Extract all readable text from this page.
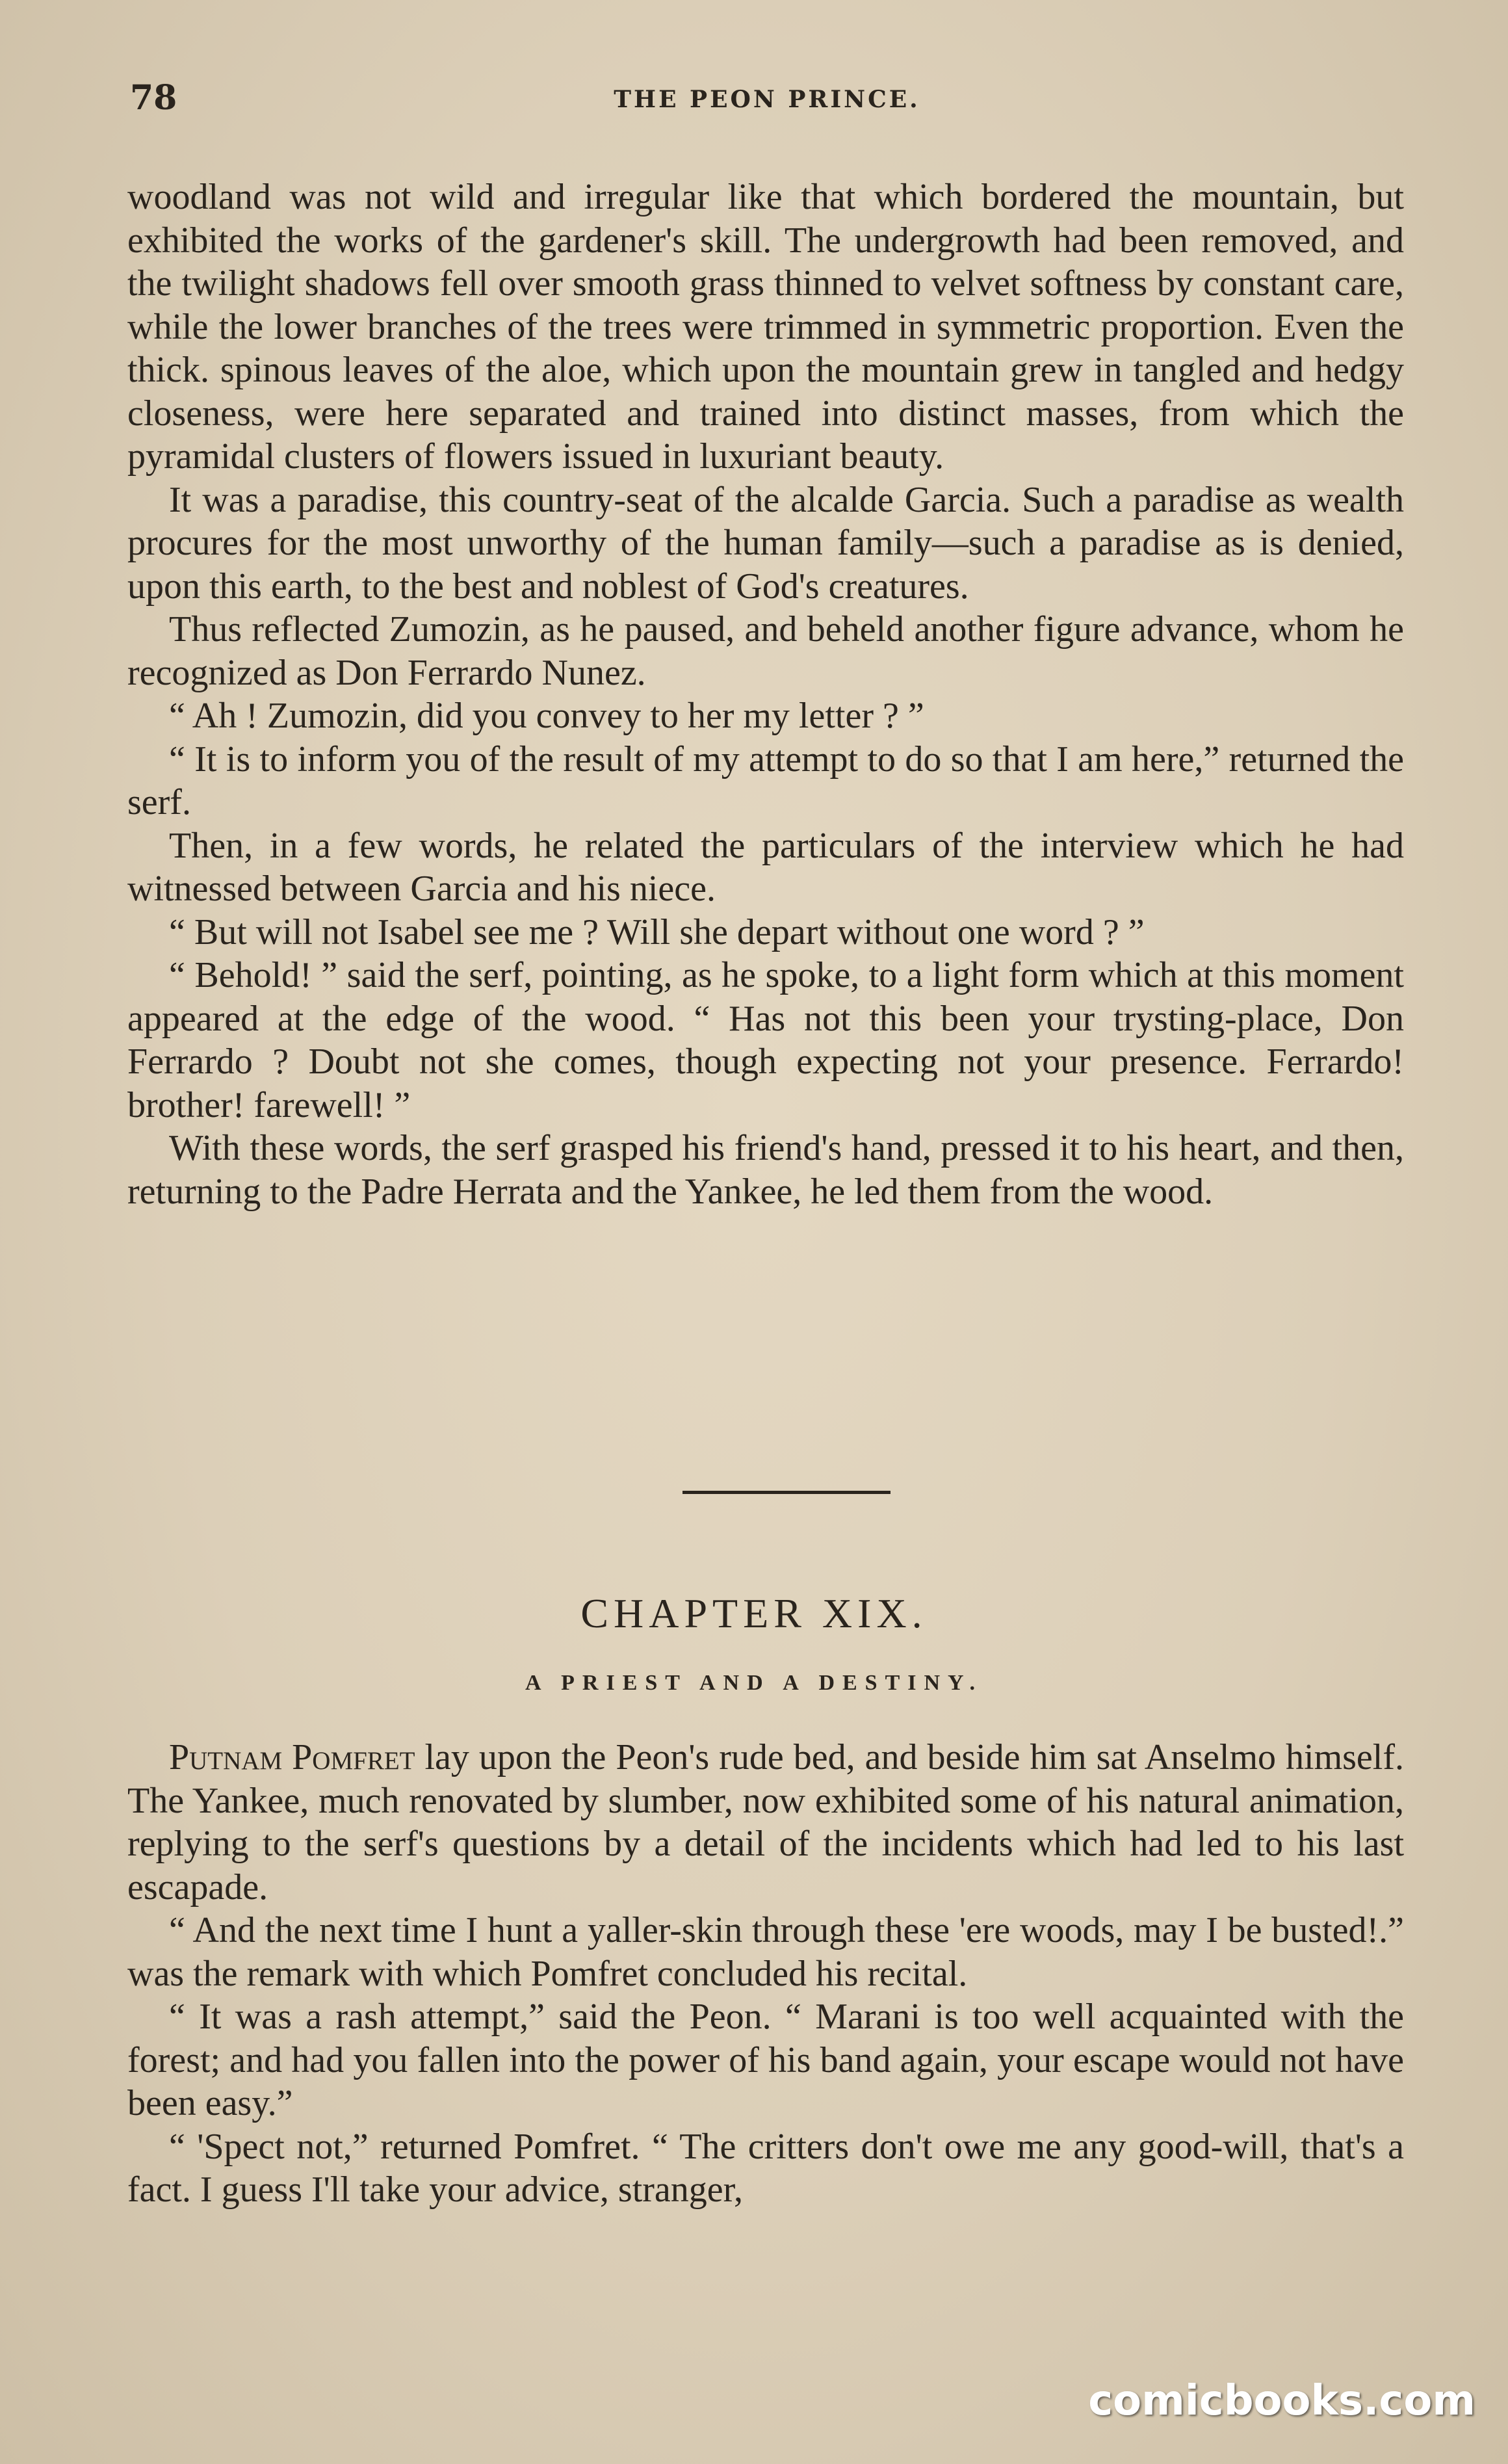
78	THE PEON PRINCE.

woodland was not wild and irregular like that which bordered the mountain, but exhibited the works of the gardener's skill. The undergrowth had been removed, and the twilight shadows fell over smooth grass thinned to velvet softness by constant care, while the lower branches of the trees were trimmed in symmetric proportion. Even the thick. spinous leaves of the aloe, which upon the mountain grew in tangled and hedgy closeness, were here separated and trained into distinct masses, from which the pyramidal clusters of flowers issued in luxuriant beauty.

It was a paradise, this country-seat of the alcalde Garcia. Such a paradise as wealth procures for the most unworthy of the human family—such a paradise as is denied, upon this earth, to the best and noblest of God's creatures.

Thus reflected Zumozin, as he paused, and beheld another figure advance, whom he recognized as Don Ferrardo Nunez.

“ Ah ! Zumozin, did you convey to her my letter ? ”

“ It is to inform you of the result of my attempt to do so that I am here,” returned the serf.

Then, in a few words, he related the particulars of the interview which he had witnessed between Garcia and his niece.

“ But will not Isabel see me ? Will she depart without one word ? ”

“ Behold! ” said the serf, pointing, as he spoke, to a light form which at this moment appeared at the edge of the wood. “ Has not this been your trysting-place, Don Ferrardo ? Doubt not she comes, though expecting not your presence. Ferrardo! brother! farewell! ”

With these words, the serf grasped his friend's hand, pressed it to his heart, and then, returning to the Padre Herrata and the Yankee, he led them from the wood.

CHAPTER XIX.
A PRIEST AND A DESTINY.

Putnam Pomfret lay upon the Peon's rude bed, and beside him sat Anselmo himself. The Yankee, much renovated by slumber, now exhibited some of his natural animation, replying to the serf's questions by a detail of the incidents which had led to his last escapade.

“ And the next time I hunt a yaller-skin through these 'ere woods, may I be busted!.” was the remark with which Pomfret concluded his recital.

“ It was a rash attempt,” said the Peon. “ Marani is too well acquainted with the forest; and had you fallen into the power of his band again, your escape would not have been easy.”

“ 'Spect not,” returned Pomfret. “ The critters don't owe me any good-will, that's a fact. I guess I'll take your advice, stranger,

comicbooks.com
